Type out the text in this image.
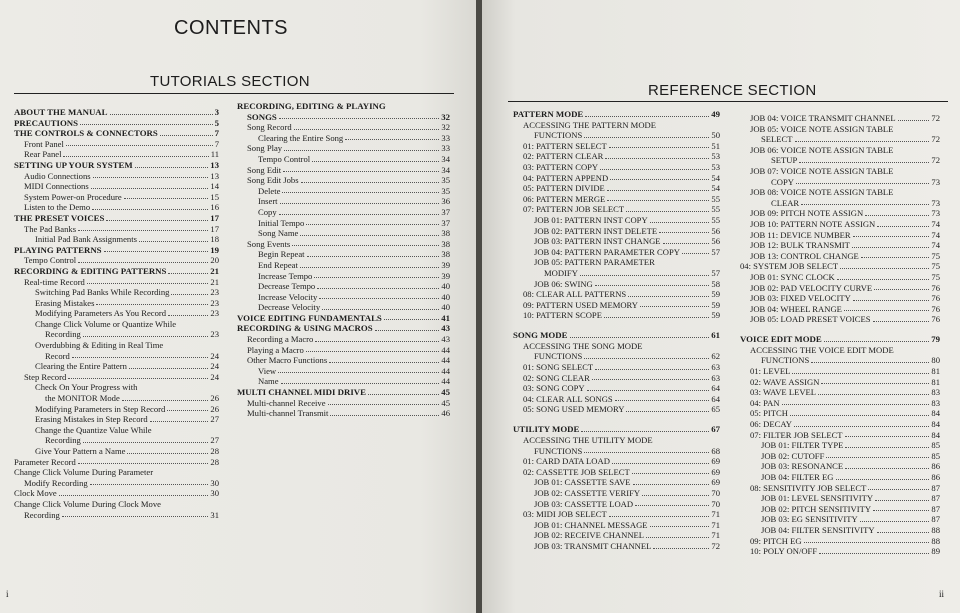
CONTENTS
TUTORIALS SECTION
ABOUT THE MANUAL	3
PRECAUTIONS	5
THE CONTROLS & CONNECTORS	7
Front Panel	7
Rear Panel	11
SETTING UP YOUR SYSTEM	13
Audio Connections	13
MIDI Connections	14
System Power-on Procedure	15
Listen to the Demo	16
THE PRESET VOICES	17
The Pad Banks	17
Initial Pad Bank Assignments	18
PLAYING PATTERNS	19
Tempo Control	20
RECORDING & EDITING PATTERNS	21
Real-time Record	21
Switching Pad Banks While Recording	23
Erasing Mistakes	23
Modifying Parameters As You Record	23
Change Click Volume or Quantize While
Recording	23
Overdubbing & Editing in Real Time
Record	24
Clearing the Entire Pattern	24
Step Record	24
Check On Your Progress with
the MONITOR Mode	26
Modifying Parameters in Step Record	26
Erasing Mistakes in Step Record	27
Change the Quantize Value While
Recording	27
Give Your Pattern a Name	28
Parameter Record	28
Change Click Volume During Parameter
Modify Recording	30
Clock Move	30
Change Click Volume During Clock Move
Recording	31
RECORDING, EDITING & PLAYING
SONGS	32
Song Record	32
Clearing the Entire Song	33
Song Play	33
Tempo Control	34
Song Edit	34
Song Edit Jobs	35
Delete	35
Insert	36
Copy	37
Initial Tempo	37
Song Name	38
Song Events	38
Begin Repeat	38
End Repeat	39
Increase Tempo	39
Decrease Tempo	40
Increase Velocity	40
Decrease Velocity	40
VOICE EDITING FUNDAMENTALS	41
RECORDING & USING MACROS	43
Recording a Macro	43
Playing a Macro	44
Other Macro Functions	44
View	44
Name	44
MULTI CHANNEL MIDI DRIVE	45
Multi-channel Receive	45
Multi-channel Transmit	46
i
REFERENCE SECTION
PATTERN MODE	49
ACCESSING THE PATTERN MODE
FUNCTIONS	50
01: PATTERN SELECT	51
02: PATTERN CLEAR	53
03: PATTERN COPY	53
04: PATTERN APPEND	54
05: PATTERN DIVIDE	54
06: PATTERN MERGE	55
07: PATTERN JOB SELECT	55
JOB 01: PATTERN INST COPY	55
JOB 02: PATTERN INST DELETE	56
JOB 03: PATTERN INST CHANGE	56
JOB 04: PATTERN PARAMETER COPY	57
JOB 05: PATTERN PARAMETER
MODIFY	57
JOB 06: SWING	58
08: CLEAR ALL PATTERNS	59
09: PATTERN USED MEMORY	59
10: PATTERN SCOPE	59
SONG MODE	61
ACCESSING THE SONG MODE
FUNCTIONS	62
01: SONG SELECT	63
02: SONG CLEAR	63
03: SONG COPY	64
04: CLEAR ALL SONGS	64
05: SONG USED MEMORY	65
UTILITY MODE	67
ACCESSING THE UTILITY MODE
FUNCTIONS	68
01: CARD DATA LOAD	69
02: CASSETTE JOB SELECT	69
JOB 01: CASSETTE SAVE	69
JOB 02: CASSETTE VERIFY	70
JOB 03: CASSETTE LOAD	70
03: MIDI JOB SELECT	71
JOB 01: CHANNEL MESSAGE	71
JOB 02: RECEIVE CHANNEL	71
JOB 03: TRANSMIT CHANNEL	72
JOB 04: VOICE TRANSMIT CHANNEL	72
JOB 05: VOICE NOTE ASSIGN TABLE
SELECT	72
JOB 06: VOICE NOTE ASSIGN TABLE
SETUP	72
JOB 07: VOICE NOTE ASSIGN TABLE
COPY	73
JOB 08: VOICE NOTE ASSIGN TABLE
CLEAR	73
JOB 09: PITCH NOTE ASSIGN	73
JOB 10: PATTERN NOTE ASSIGN	74
JOB 11: DEVICE NUMBER	74
JOB 12: BULK TRANSMIT	74
JOB 13: CONTROL CHANGE	75
04: SYSTEM JOB SELECT	75
JOB 01: SYNC CLOCK	75
JOB 02: PAD VELOCITY CURVE	76
JOB 03: FIXED VELOCITY	76
JOB 04: WHEEL RANGE	76
JOB 05: LOAD PRESET VOICES	76
VOICE EDIT MODE	79
ACCESSING THE VOICE EDIT MODE
FUNCTIONS	80
01: LEVEL	81
02: WAVE ASSIGN	81
03: WAVE LEVEL	83
04: PAN	83
05: PITCH	84
06: DECAY	84
07: FILTER JOB SELECT	84
JOB 01: FILTER TYPE	85
JOB 02: CUTOFF	85
JOB 03: RESONANCE	86
JOB 04: FILTER EG	86
08: SENSITIVITY JOB SELECT	87
JOB 01: LEVEL SENSITIVITY	87
JOB 02: PITCH SENSITIVITY	87
JOB 03: EG SENSITIVITY	87
JOB 04: FILTER SENSITIVITY	88
09: PITCH EG	88
10: POLY ON/OFF	89
ii
